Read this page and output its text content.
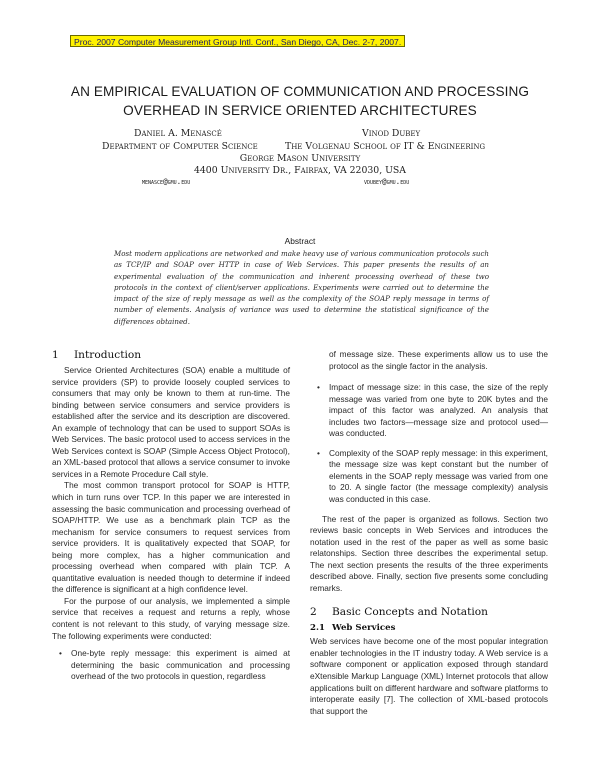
Proc. 2007 Computer Measurement Group Intl. Conf., San Diego, CA, Dec. 2-7, 2007.
AN EMPIRICAL EVALUATION OF COMMUNICATION AND PROCESSING
OVERHEAD IN SERVICE ORIENTED ARCHITECTURES
Daniel A. Menascé	Vinod Dubey
Department of Computer Science	The Volgenau School of IT & Engineering
George Mason University
4400 University Dr., Fairfax, VA 22030, USA
menasce@gmu.edu	vdubey@gmu.edu
Abstract
Most modern applications are networked and make heavy use of various communication protocols such as TCP/IP and SOAP over HTTP in case of Web Services. This paper presents the results of an experimental evaluation of the communication and inherent processing overhead of these two protocols in the context of client/server applications. Experiments were carried out to determine the impact of the size of reply message as well as the complexity of the SOAP reply message in terms of number of elements. Analysis of variance was used to determine the statistical significance of the differences obtained.
1 Introduction

Service Oriented Architectures (SOA) enable a multitude of service providers (SP) to provide loosely coupled services to consumers that may only be known to them at run-time. The binding between service consumers and service providers is established after the service and its description are discovered. An example of technology that can be used to support SOAs is Web Services. The basic protocol used to access services in the Web Services context is SOAP (Simple Access Object Protocol), an XML-based protocol that allows a service consumer to invoke services in a Remote Procedure Call style.

The most common transport protocol for SOAP is HTTP, which in turn runs over TCP. In this paper we are interested in assessing the basic communication and processing overhead of SOAP/HTTP. We use as a benchmark plain TCP as the mechanism for service consumers to request services from service providers. It is qualitatively expected that SOAP, for being more complex, has a higher communication and processing overhead when compared with plain TCP. A quantitative evaluation is needed though to determine if indeed the difference is significant at a high confidence level.

For the purpose of our analysis, we implemented a simple service that receives a request and returns a reply, whose content is not relevant to this study, of varying message size. The following experiments were conducted:

• One-byte reply message: this experiment is aimed at determining the basic communication and processing overhead of the two protocols in question, regardless

of message size. These experiments allow us to use the protocol as the single factor in the analysis.

• Impact of message size: in this case, the size of the reply message was varied from one byte to 20K bytes and the impact of this factor was analyzed. An analysis that includes two factors—message size and protocol used—was conducted.
• Complexity of the SOAP reply message: in this experiment, the message size was kept constant but the number of elements in the SOAP reply message was varied from one to 20. A single factor (the message complexity) analysis was conducted in this case.

The rest of the paper is organized as follows. Section two reviews basic concepts in Web Services and introduces the notation used in the rest of the paper as well as some basic relatonships. Section three describes the experimental setup. The next section presents the results of the three experiments described above. Finally, section five presents some concluding remarks.

2 Basic Concepts and Notation
2.1 Web Services

Web services have become one of the most popular integration enabler technologies in the IT industry today. A Web service is a software component or application exposed through standard eXtensible Markup Language (XML) Internet protocols that allow applications built on different hardware and software platforms to interoperate easily [7]. The collection of XML-based protocols that support the
